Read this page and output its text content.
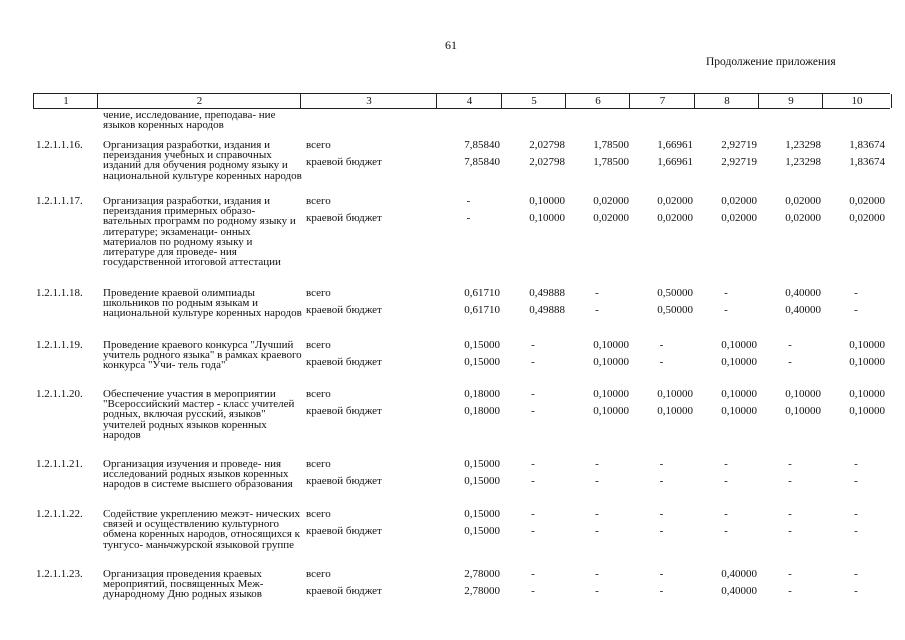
61
Продолжение приложения
1	2	3	4	5	6	7	8	9	10
чение, исследование, преподава- ние языков коренных народов
1.2.1.1.16. Организация разработки, издания и переиздания учебных и справочных изданий для обучения родному языку и национальной культуре коренных народов
всего	7,85840	2,02798	1,78500	1,66961	2,92719	1,23298	1,83674
краевой бюджет	7,85840	2,02798	1,78500	1,66961	2,92719	1,23298	1,83674
1.2.1.1.17. Организация разработки, издания и переиздания примерных образо- вательных программ по родному языку и литературе; экзаменаци- онных материалов по родному языку и литературе для проведе- ния государственной итоговой аттестации
всего	-	0,10000	0,02000	0,02000	0,02000	0,02000	0,02000
краевой бюджет	-	0,10000	0,02000	0,02000	0,02000	0,02000	0,02000
1.2.1.1.18. Проведение краевой олимпиады школьников по родным языкам и национальной культуре коренных народов
всего	0,61710	0,49888	-	0,50000	-	0,40000	-
краевой бюджет	0,61710	0,49888	-	0,50000	-	0,40000	-
1.2.1.1.19. Проведение краевого конкурса "Лучший учитель родного языка" в рамках краевого конкурса "Учи- тель года"
всего	0,15000	-	0,10000	-	0,10000	-	0,10000
краевой бюджет	0,15000	-	0,10000	-	0,10000	-	0,10000
1.2.1.1.20. Обеспечение участия в мероприятии "Всероссийский мастер - класс учителей родных, включая русский, языков" учителей родных языков коренных народов
всего	0,18000	-	0,10000	0,10000	0,10000	0,10000	0,10000
краевой бюджет	0,18000	-	0,10000	0,10000	0,10000	0,10000	0,10000
1.2.1.1.21. Организация изучения и проведе- ния исследований родных языков коренных народов в системе высшего образования
всего	0,15000	-	-	-	-	-	-
краевой бюджет	0,15000	-	-	-	-	-	-
1.2.1.1.22. Содействие укреплению межэт- нических связей и осуществлению культурного обмена коренных народов, относящихся к тунгусо- маньчжурской языковой группе
всего	0,15000	-	-	-	-	-	-
краевой бюджет	0,15000	-	-	-	-	-	-
1.2.1.1.23. Организация проведения краевых мероприятий, посвященных Меж- дународному Дню родных языков
всего	2,78000	-	-	-	0,40000	-	-
краевой бюджет	2,78000	-	-	-	0,40000	-	-
